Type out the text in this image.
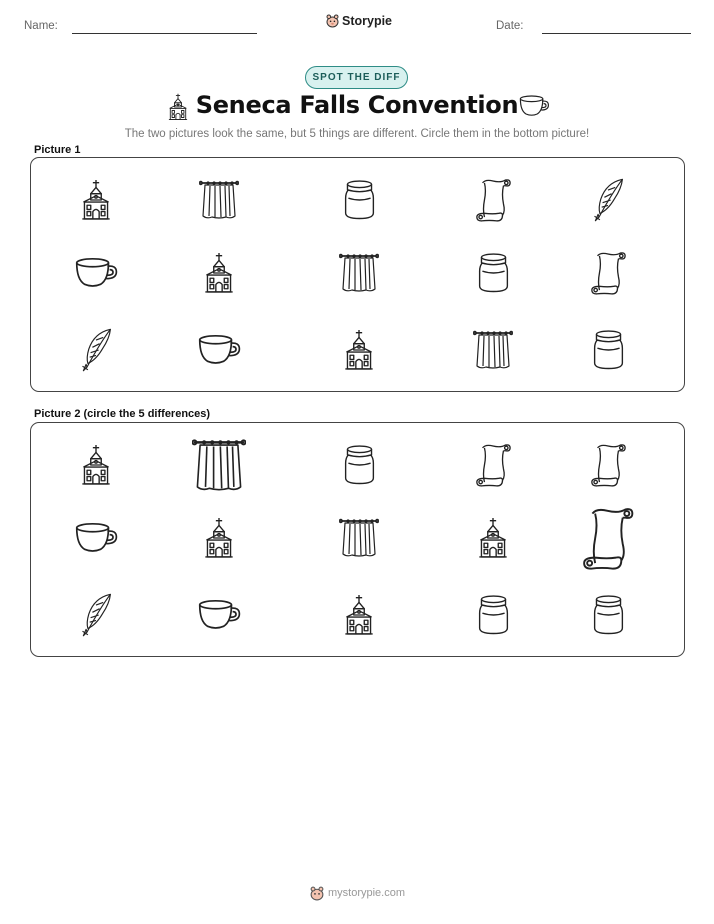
Name:	Storypie	Date:
SPOT THE DIFF
Seneca Falls Convention
The two pictures look the same, but 5 things are different. Circle them in the bottom picture!
Picture 1
Picture 2 (circle the 5 differences)
mystorypie.com
